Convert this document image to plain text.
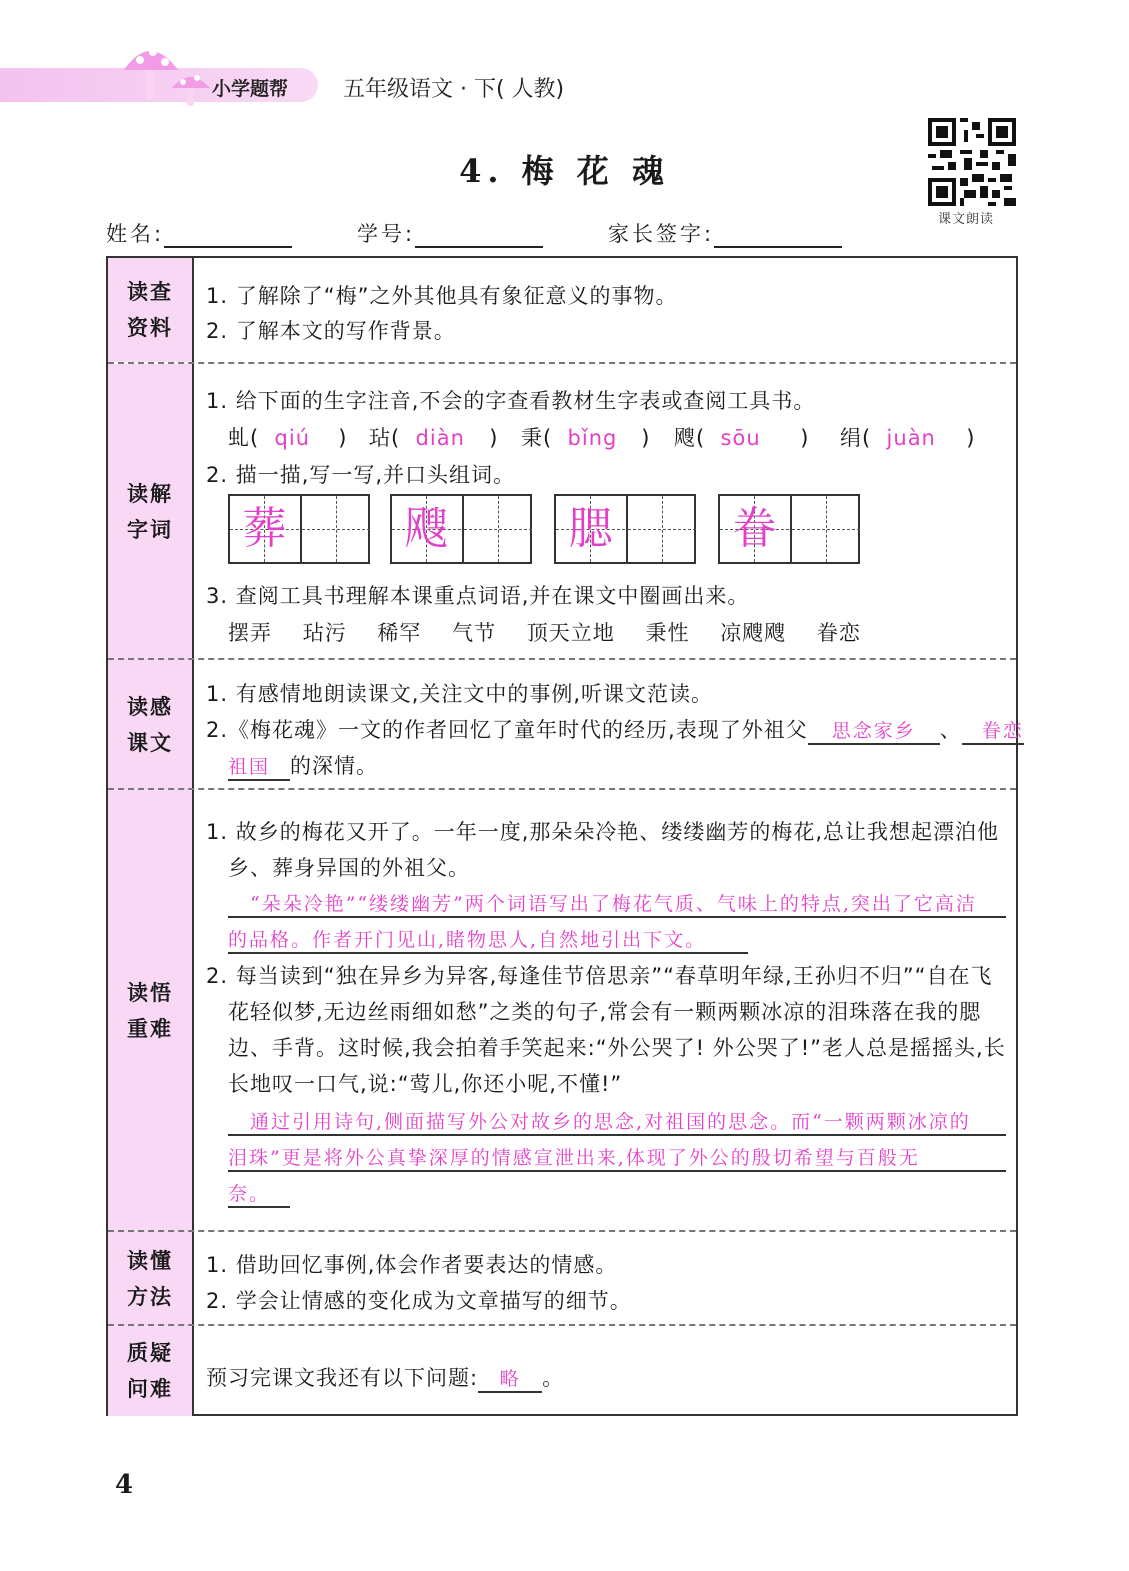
小学题帮 五年级语文 · 下( 人教)
课文朗读
4. 梅 花 魂
姓名:	学号:	家长签字:
读查
资料
1. 了解除了“梅”之外其他具有象征意义的事物。
2. 了解本文的写作背景。
读解
字词
1. 给下面的生字注音,不会的字查看教材生字表或查阅工具书。
虬(  qiú ) 玷(  diàn ) 秉(  bǐng ) 飕(  sōu ) 绢(  juàn )
2. 描一描,写一写,并口头组词。
葬	飕	腮	眷
3. 查阅工具书理解本课重点词语,并在课文中圈画出来。
摆弄 玷污 稀罕 气节 顶天立地 秉性 凉飕飕 眷恋
读感
课文
1. 有感情地朗读课文,关注文中的事例,听课文范读。
2.《梅花魂》一文的作者回忆了童年时代的经历,表现了外祖父 思念家乡 、 眷恋
祖国 的深情。
读悟
重难
1. 故乡的梅花又开了。一年一度,那朵朵冷艳、缕缕幽芳的梅花,总让我想起漂泊他
乡、葬身异国的外祖父。
“朵朵冷艳”“缕缕幽芳”两个词语写出了梅花气质、气味上的特点,突出了它高洁
的品格。作者开门见山,睹物思人,自然地引出下文。
2. 每当读到“独在异乡为异客,每逢佳节倍思亲”“春草明年绿,王孙归不归”“自在飞
花轻似梦,无边丝雨细如愁”之类的句子,常会有一颗两颗冰凉的泪珠落在我的腮
边、手背。这时候,我会拍着手笑起来:“外公哭了! 外公哭了!”老人总是摇摇头,长
长地叹一口气,说:“莺儿,你还小呢,不懂!”
通过引用诗句,侧面描写外公对故乡的思念,对祖国的思念。而“一颗两颗冰凉的
泪珠”更是将外公真挚深厚的情感宣泄出来,体现了外公的殷切希望与百般无
奈。
读懂
方法
1. 借助回忆事例,体会作者要表达的情感。
2. 学会让情感的变化成为文章描写的细节。
质疑
问难 预习完课文我还有以下问题: 略 。
4
